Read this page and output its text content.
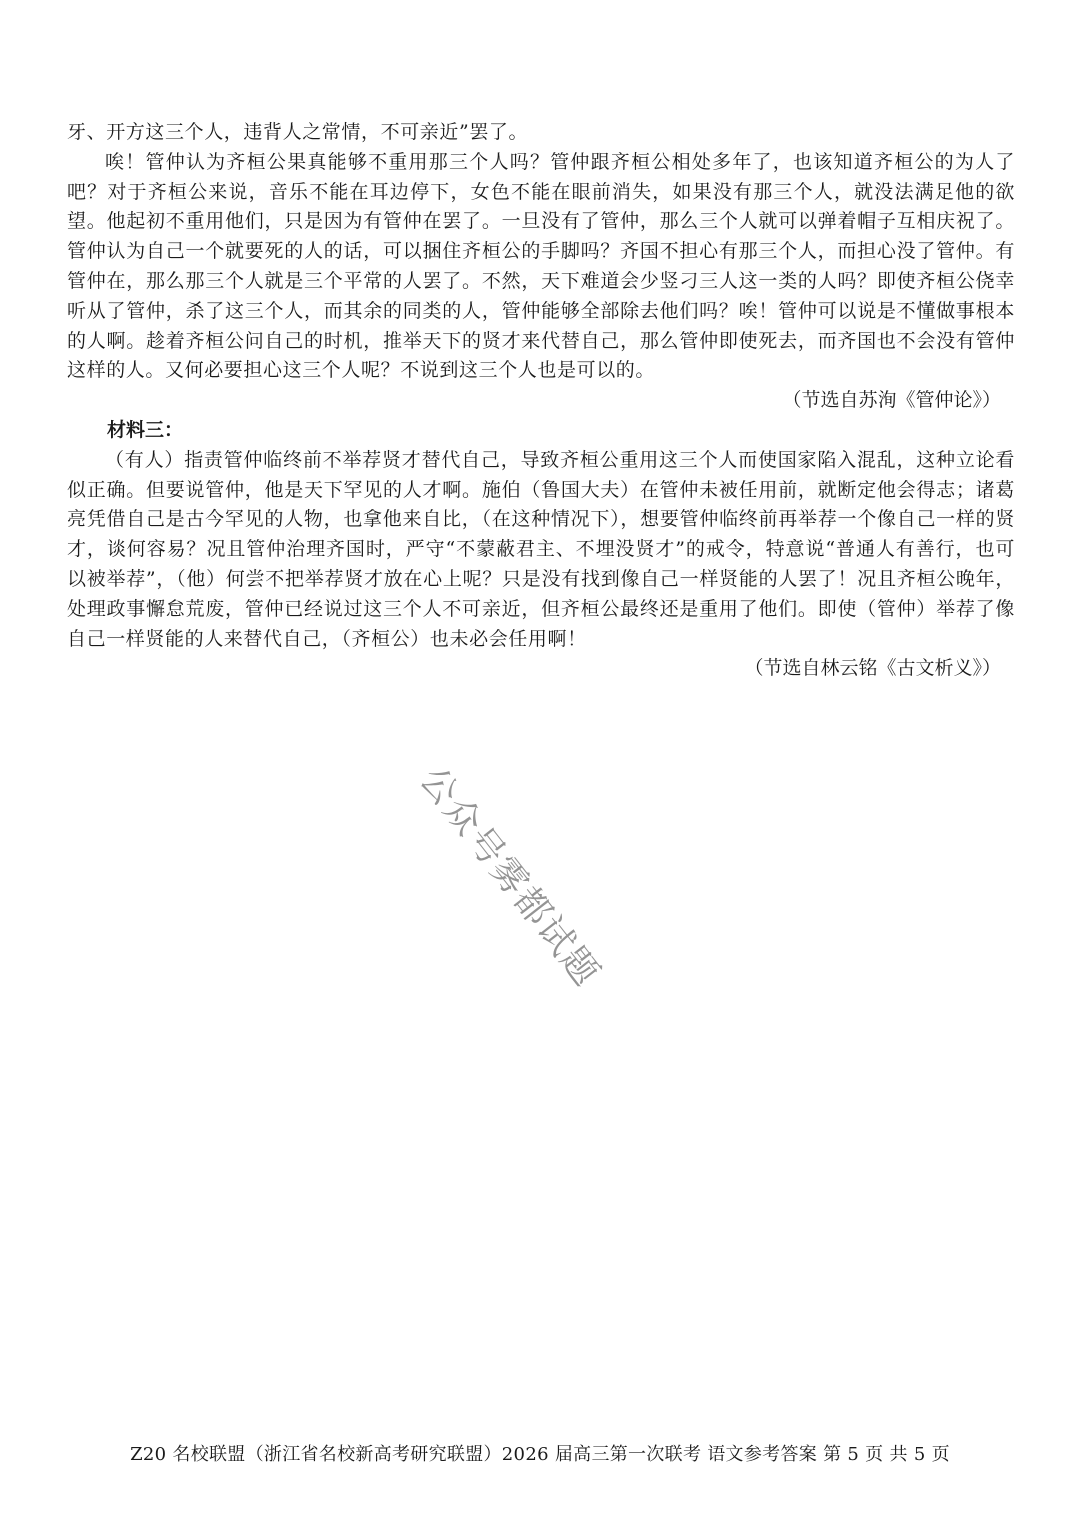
牙、开方这三个人，违背人之常情，不可亲近”罢了。

唉！管仲认为齐桓公果真能够不重用那三个人吗？管仲跟齐桓公相处多年了，也该知道齐桓公的为人了吧？对于齐桓公来说，音乐不能在耳边停下，女色不能在眼前消失，如果没有那三个人，就没法满足他的欲望。他起初不重用他们，只是因为有管仲在罢了。一旦没有了管仲，那么三个人就可以弹着帽子互相庆祝了。管仲认为自己一个就要死的人的话，可以捆住齐桓公的手脚吗？齐国不担心有那三个人，而担心没了管仲。有管仲在，那么那三个人就是三个平常的人罢了。不然，天下难道会少竖刁三人这一类的人吗？即使齐桓公侥幸听从了管仲，杀了这三个人，而其余的同类的人，管仲能够全部除去他们吗？唉！管仲可以说是不懂做事根本的人啊。趁着齐桓公问自己的时机，推举天下的贤才来代替自己，那么管仲即使死去，而齐国也不会没有管仲这样的人。又何必要担心这三个人呢？不说到这三个人也是可以的。

（节选自苏洵《管仲论》）

材料三：

（有人）指责管仲临终前不举荐贤才替代自己，导致齐桓公重用这三个人而使国家陷入混乱，这种立论看似正确。但要说管仲，他是天下罕见的人才啊。施伯（鲁国大夫）在管仲未被任用前，就断定他会得志；诸葛亮凭借自己是古今罕见的人物，也拿他来自比，（在这种情况下），想要管仲临终前再举荐一个像自己一样的贤才，谈何容易？况且管仲治理齐国时，严守“不蒙蔽君主、不埋没贤才”的戒令，特意说“普通人有善行，也可以被举荐”，（他）何尝不把举荐贤才放在心上呢？只是没有找到像自己一样贤能的人罢了！况且齐桓公晚年，处理政事懈怠荒废，管仲已经说过这三个人不可亲近，但齐桓公最终还是重用了他们。即使（管仲）举荐了像自己一样贤能的人来替代自己，（齐桓公）也未必会任用啊！

（节选自林云铭《古文析义》）

公众号雾都试题
Z20 名校联盟（浙江省名校新高考研究联盟）2026 届高三第一次联考 语文参考答案 第 5 页 共 5 页
